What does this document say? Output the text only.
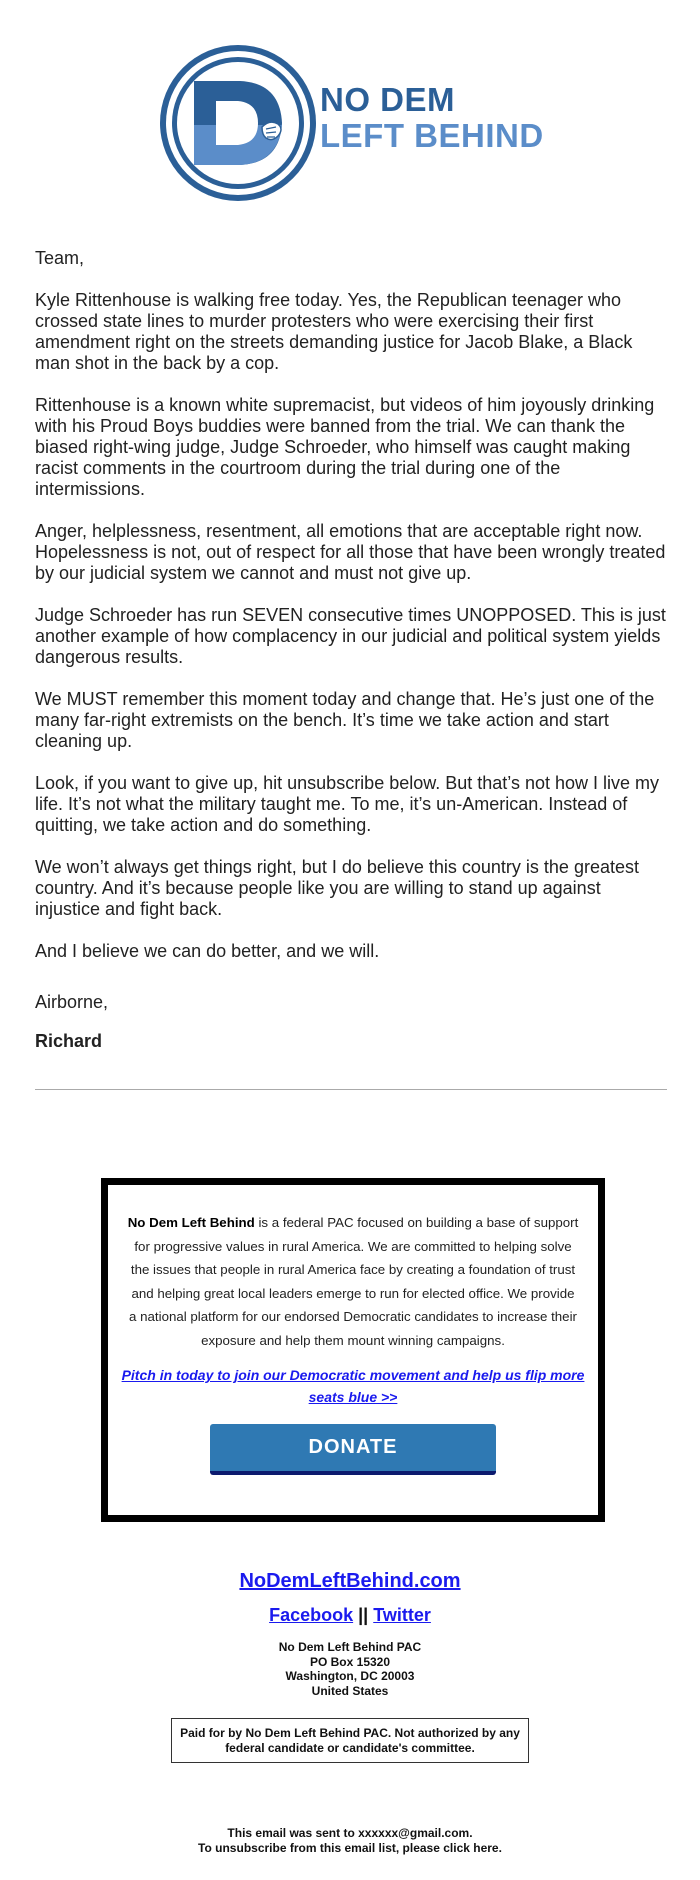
NO DEM
LEFT BEHIND

Team,

Kyle Rittenhouse is walking free today. Yes, the Republican teenager who crossed state lines to murder protesters who were exercising their first amendment right on the streets demanding justice for Jacob Blake, a Black man shot in the back by a cop.

Rittenhouse is a known white supremacist, but videos of him joyously drinking with his Proud Boys buddies were banned from the trial. We can thank the biased right-wing judge, Judge Schroeder, who himself was caught making racist comments in the courtroom during the trial during one of the intermissions.

Anger, helplessness, resentment, all emotions that are acceptable right now. Hopelessness is not, out of respect for all those that have been wrongly treated by our judicial system we cannot and must not give up.

Judge Schroeder has run SEVEN consecutive times UNOPPOSED. This is just another example of how complacency in our judicial and political system yields dangerous results.

We MUST remember this moment today and change that. He’s just one of the many far-right extremists on the bench. It’s time we take action and start cleaning up.

Look, if you want to give up, hit unsubscribe below. But that’s not how I live my life. It’s not what the military taught me. To me, it’s un-American. Instead of quitting, we take action and do something.

We won’t always get things right, but I do believe this country is the greatest country. And it’s because people like you are willing to stand up against injustice and fight back.

And I believe we can do better, and we will.

Airborne,

Richard

No Dem Left Behind is a federal PAC focused on building a base of support for progressive values in rural America. We are committed to helping solve the issues that people in rural America face by creating a foundation of trust and helping great local leaders emerge to run for elected office. We provide a national platform for our endorsed Democratic candidates to increase their exposure and help them mount winning campaigns.
Pitch in today to join our Democratic movement and help us flip more seats blue >>
DONATE
NoDemLeftBehind.com
Facebook || Twitter
No Dem Left Behind PAC
PO Box 15320
Washington, DC 20003
United States
Paid for by No Dem Left Behind PAC. Not authorized by any federal candidate or candidate's committee.
This email was sent to xxxxxx@gmail.com.
To unsubscribe from this email list, please click here.
